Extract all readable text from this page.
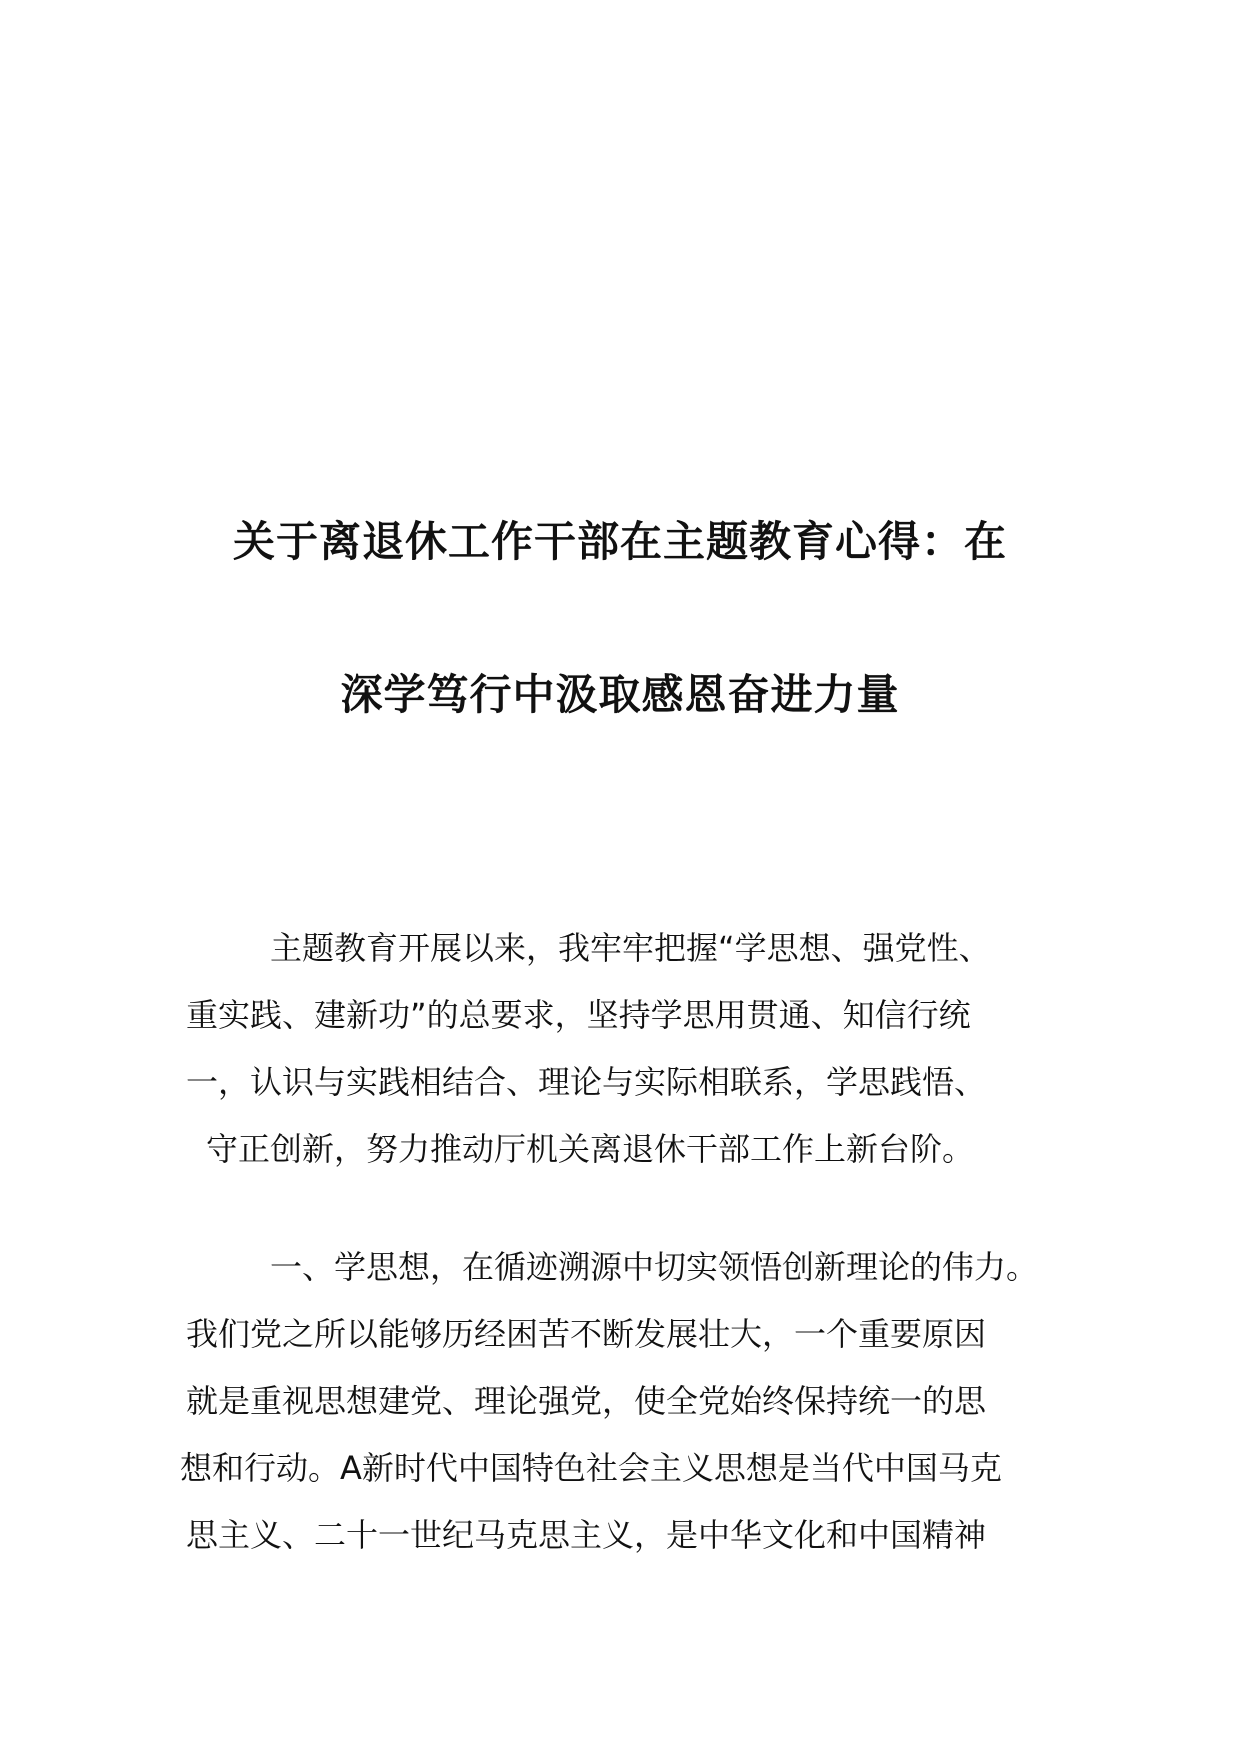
关于离退休工作干部在主题教育心得：在
深学笃行中汲取感恩奋进力量
主题教育开展以来，我牢牢把握“学思想、强党性、
重实践、建新功”的总要求，坚持学思用贯通、知信行统
一，认识与实践相结合、理论与实际相联系，学思践悟、
守正创新，努力推动厅机关离退休干部工作上新台阶。
一、学思想，在循迹溯源中切实领悟创新理论的伟力。
我们党之所以能够历经困苦不断发展壮大，一个重要原因
就是重视思想建党、理论强党，使全党始终保持统一的思
想和行动。A新时代中国特色社会主义思想是当代中国马克
思主义、二十一世纪马克思主义，是中华文化和中国精神
